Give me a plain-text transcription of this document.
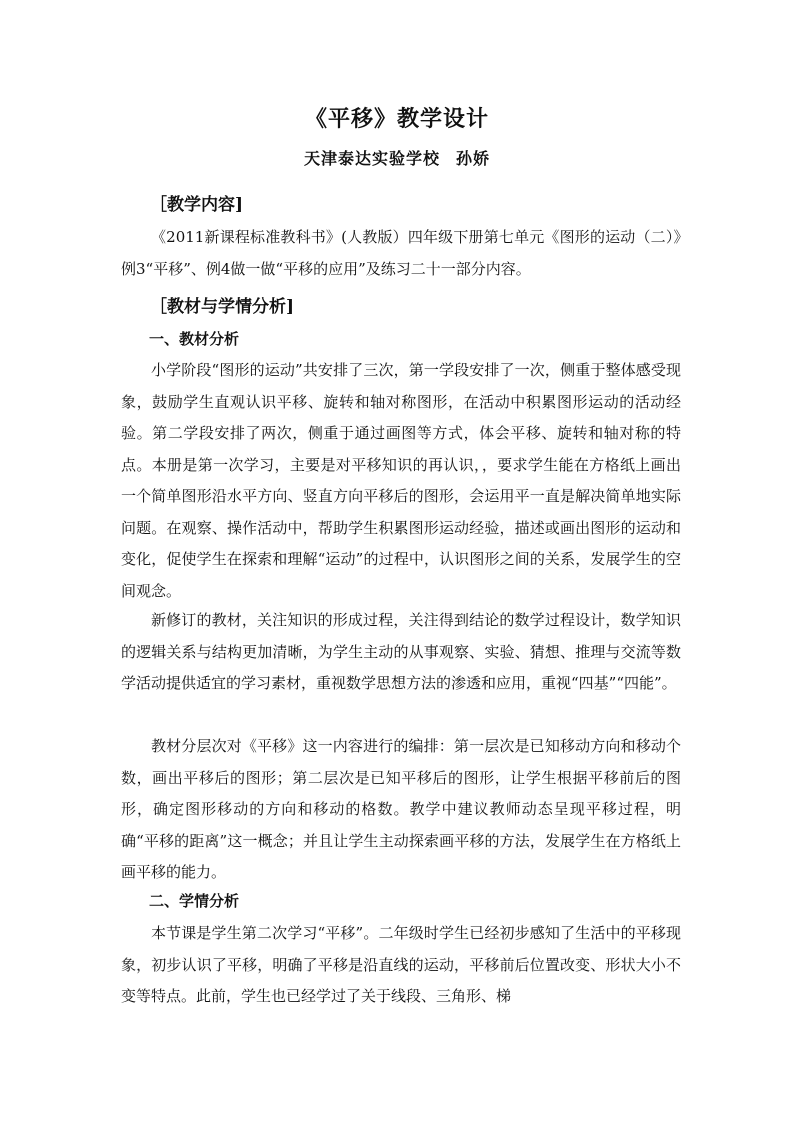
《平移》教学设计
天津泰达实验学校 孙娇
［教学内容]

《2011新课程标准教科书》(人教版）四年级下册第七单元《图形的运动（二）》例3“平移”、例4做一做“平移的应用”及练习二十一部分内容。

［教材与学情分析]
一、教材分析

小学阶段“图形的运动”共安排了三次，第一学段安排了一次，侧重于整体感受现象，鼓励学生直观认识平移、旋转和轴对称图形，在活动中积累图形运动的活动经验。第二学段安排了两次，侧重于通过画图等方式，体会平移、旋转和轴对称的特点。本册是第一次学习，主要是对平移知识的再认识，，要求学生能在方格纸上画出一个简单图形沿水平方向、竖直方向平移后的图形，会运用平一直是解决简单地实际问题。在观察、操作活动中，帮助学生积累图形运动经验，描述或画出图形的运动和变化，促使学生在探索和理解“运动”的过程中，认识图形之间的关系，发展学生的空间观念。

新修订的教材，关注知识的形成过程，关注得到结论的数学过程设计，数学知识的逻辑关系与结构更加清晰，为学生主动的从事观察、实验、猜想、推理与交流等数学活动提供适宜的学习素材，重视数学思想方法的渗透和应用，重视“四基”“四能”。

教材分层次对《平移》这一内容进行的编排：第一层次是已知移动方向和移动个数，画出平移后的图形；第二层次是已知平移后的图形，让学生根据平移前后的图形，确定图形移动的方向和移动的格数。教学中建议教师动态呈现平移过程，明确“平移的距离”这一概念；并且让学生主动探索画平移的方法，发展学生在方格纸上画平移的能力。

二、学情分析

本节课是学生第二次学习“平移”。二年级时学生已经初步感知了生活中的平移现象，初步认识了平移，明确了平移是沿直线的运动，平移前后位置改变、形状大小不变等特点。此前，学生也已经学过了关于线段、三角形、梯
